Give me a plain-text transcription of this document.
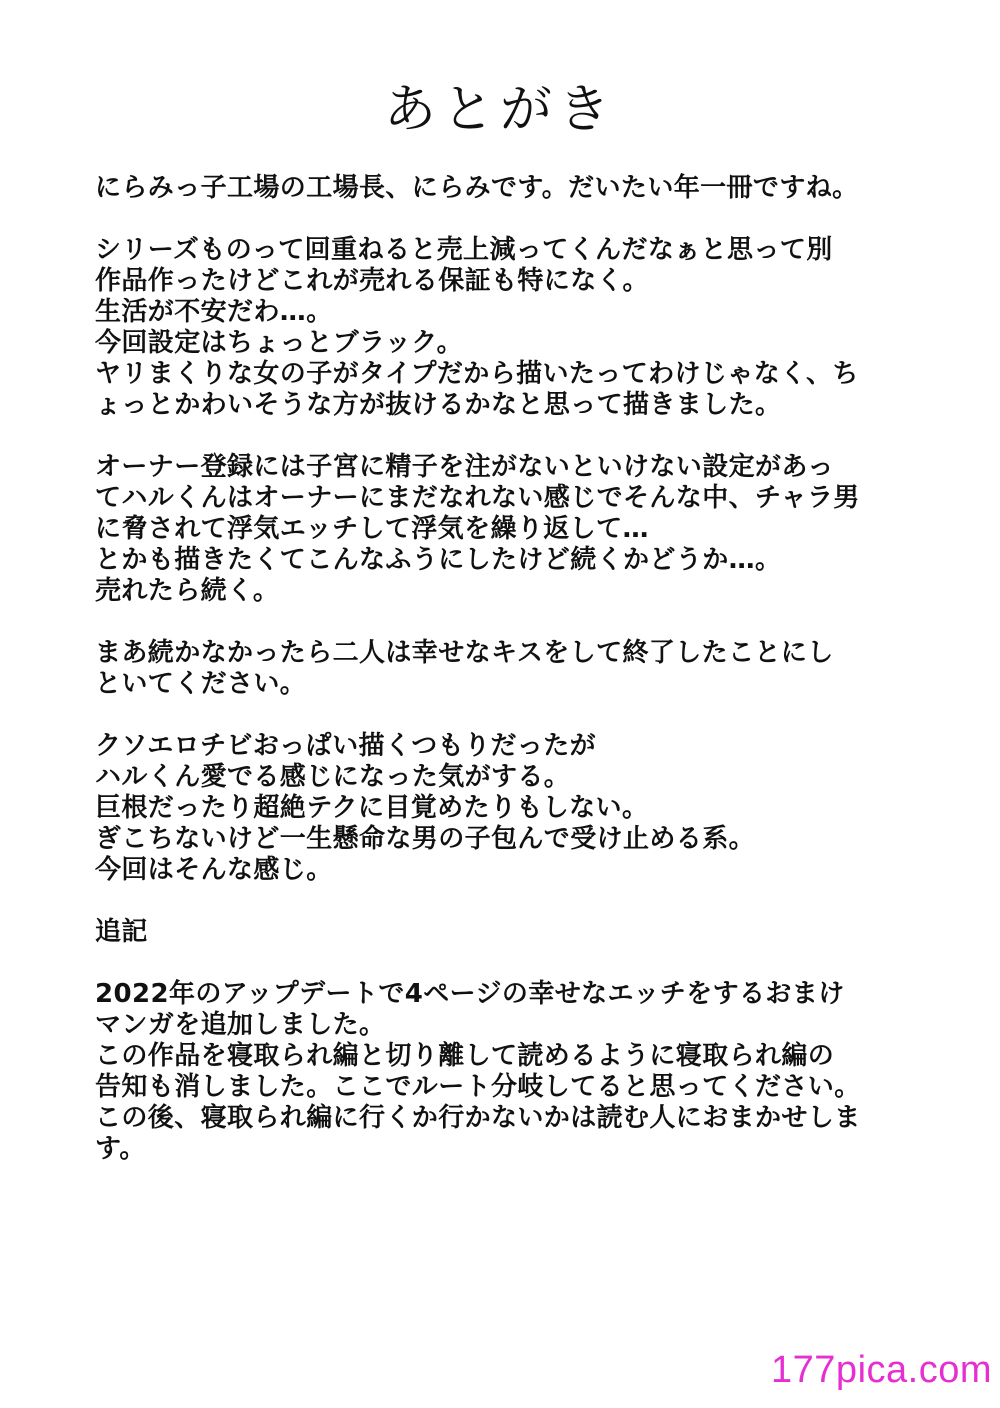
あとがき
にらみっ子工場の工場長、にらみです。だいたい年一冊ですね。
シリーズものって回重ねると売上減ってくんだなぁと思って別
作品作ったけどこれが売れる保証も特になく。
生活が不安だわ…。
今回設定はちょっとブラック。
ヤリまくりな女の子がタイプだから描いたってわけじゃなく、ち
ょっとかわいそうな方が抜けるかなと思って描きました。
オーナー登録には子宮に精子を注がないといけない設定があっ
てハルくんはオーナーにまだなれない感じでそんな中、チャラ男
に脅されて浮気エッチして浮気を繰り返して…
とかも描きたくてこんなふうにしたけど続くかどうか…。
売れたら続く。
まあ続かなかったら二人は幸せなキスをして終了したことにし
といてください。
クソエロチビおっぱい描くつもりだったが
ハルくん愛でる感じになった気がする。
巨根だったり超絶テクに目覚めたりもしない。
ぎこちないけど一生懸命な男の子包んで受け止める系。
今回はそんな感じ。
追記
2022年のアップデートで4ページの幸せなエッチをするおまけ
マンガを追加しました。
この作品を寝取られ編と切り離して読めるように寝取られ編の
告知も消しました。ここでルート分岐してると思ってください。
この後、寝取られ編に行くか行かないかは読む人におまかせしま
す。
177pica.com
